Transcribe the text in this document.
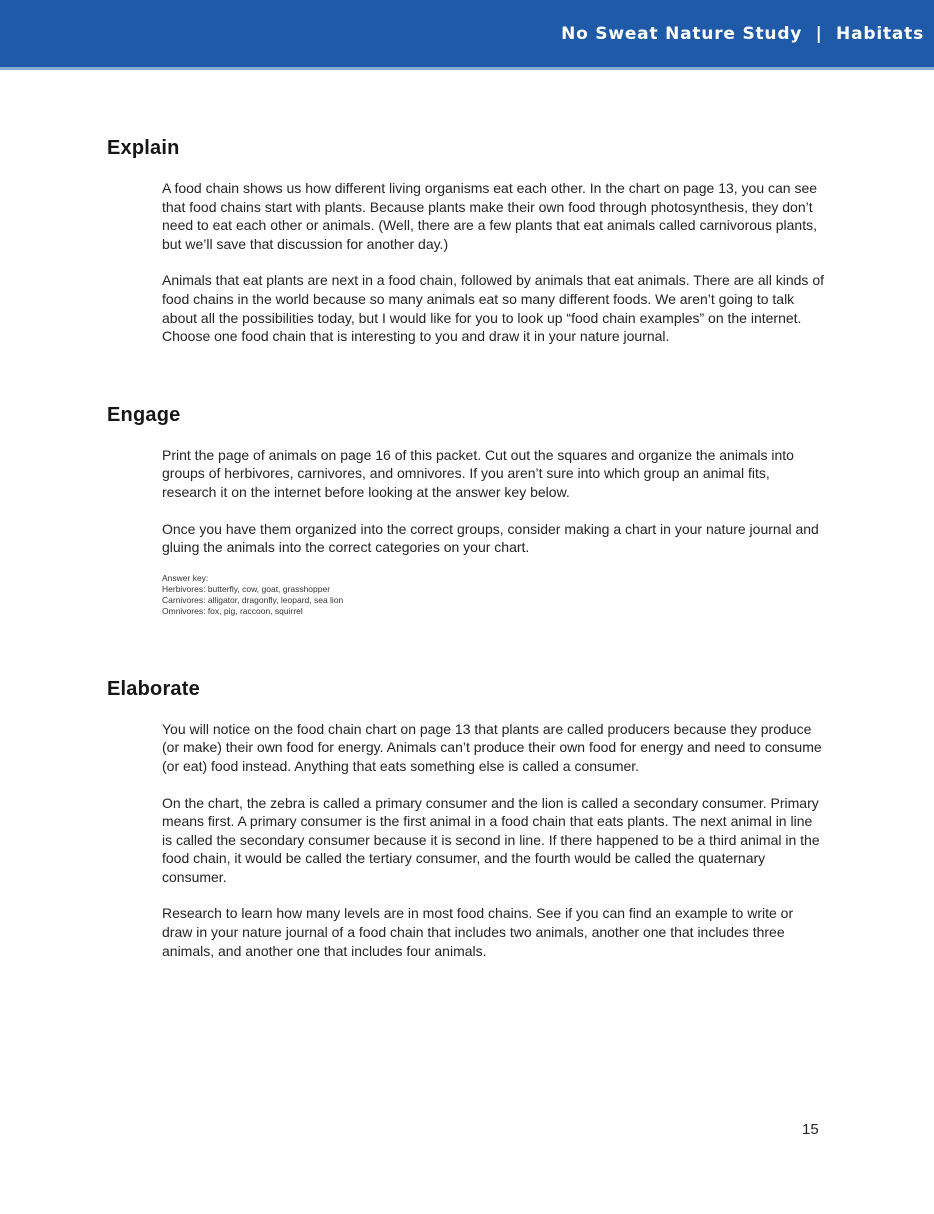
No Sweat Nature Study  |  Habitats
Explain

A food chain shows us how different living organisms eat each other. In the chart on page 13, you can see that food chains start with plants. Because plants make their own food through photosynthesis, they don’t need to eat each other or animals. (Well, there are a few plants that eat animals called carnivorous plants, but we’ll save that discussion for another day.)

Animals that eat plants are next in a food chain, followed by animals that eat animals. There are all kinds of food chains in the world because so many animals eat so many different foods. We aren’t going to talk about all the possibilities today, but I would like for you to look up “food chain examples” on the internet. Choose one food chain that is interesting to you and draw it in your nature journal.

Engage

Print the page of animals on page 16 of this packet. Cut out the squares and organize the animals into groups of herbivores, carnivores, and omnivores. If you aren’t sure into which group an animal fits, research it on the internet before looking at the answer key below.

Once you have them organized into the correct groups, consider making a chart in your nature journal and gluing the animals into the correct categories on your chart.

Answer key:
Herbivores: butterfly, cow, goat, grasshopper
Carnivores: alligator, dragonfly, leopard, sea lion
Omnivores: fox, pig, raccoon, squirrel
Elaborate

You will notice on the food chain chart on page 13 that plants are called producers because they produce (or make) their own food for energy. Animals can’t produce their own food for energy and need to consume (or eat) food instead. Anything that eats something else is called a consumer.

On the chart, the zebra is called a primary consumer and the lion is called a secondary consumer. Primary means first. A primary consumer is the first animal in a food chain that eats plants. The next animal in line is called the secondary consumer because it is second in line. If there happened to be a third animal in the food chain, it would be called the tertiary consumer, and the fourth would be called the quaternary consumer.

Research to learn how many levels are in most food chains. See if you can find an example to write or draw in your nature journal of a food chain that includes two animals, another one that includes three animals, and another one that includes four animals.

15
